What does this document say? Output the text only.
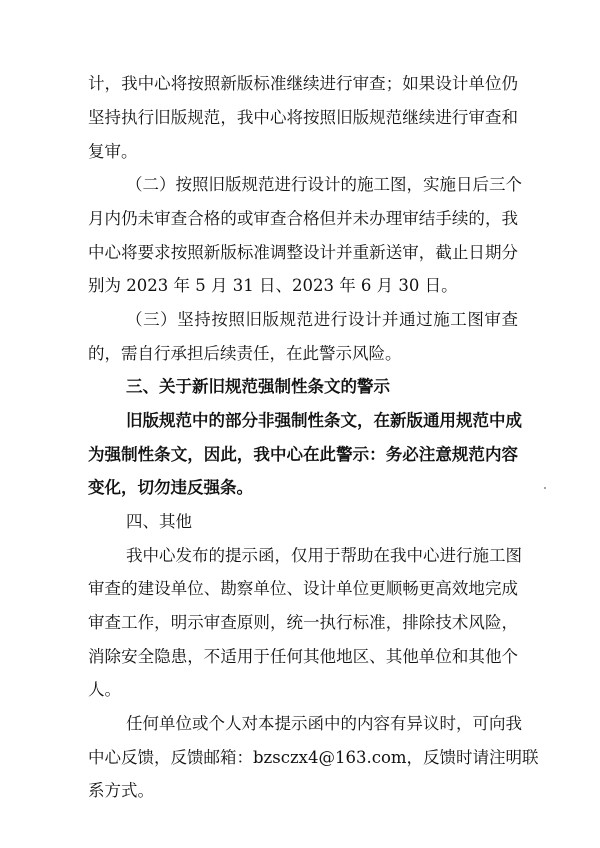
计，我中心将按照新版标准继续进行审查；如果设计单位仍
坚持执行旧版规范，我中心将按照旧版规范继续进行审查和
复审。
（二）按照旧版规范进行设计的施工图，实施日后三个
月内仍未审查合格的或审查合格但并未办理审结手续的，我
中心将要求按照新版标准调整设计并重新送审，截止日期分
别为 2023 年 5 月 31 日、2023 年 6 月 30 日。
（三）坚持按照旧版规范进行设计并通过施工图审查
的，需自行承担后续责任，在此警示风险。
三、关于新旧规范强制性条文的警示
旧版规范中的部分非强制性条文，在新版通用规范中成
为强制性条文，因此，我中心在此警示：务必注意规范内容
变化，切勿违反强条。
四、其他
我中心发布的提示函，仅用于帮助在我中心进行施工图
审查的建设单位、勘察单位、设计单位更顺畅更高效地完成
审查工作，明示审查原则，统一执行标准，排除技术风险，
消除安全隐患，不适用于任何其他地区、其他单位和其他个
人。
任何单位或个人对本提示函中的内容有异议时，可向我
中心反馈，反馈邮箱：bzsczx4@163.com，反馈时请注明联
系方式。
